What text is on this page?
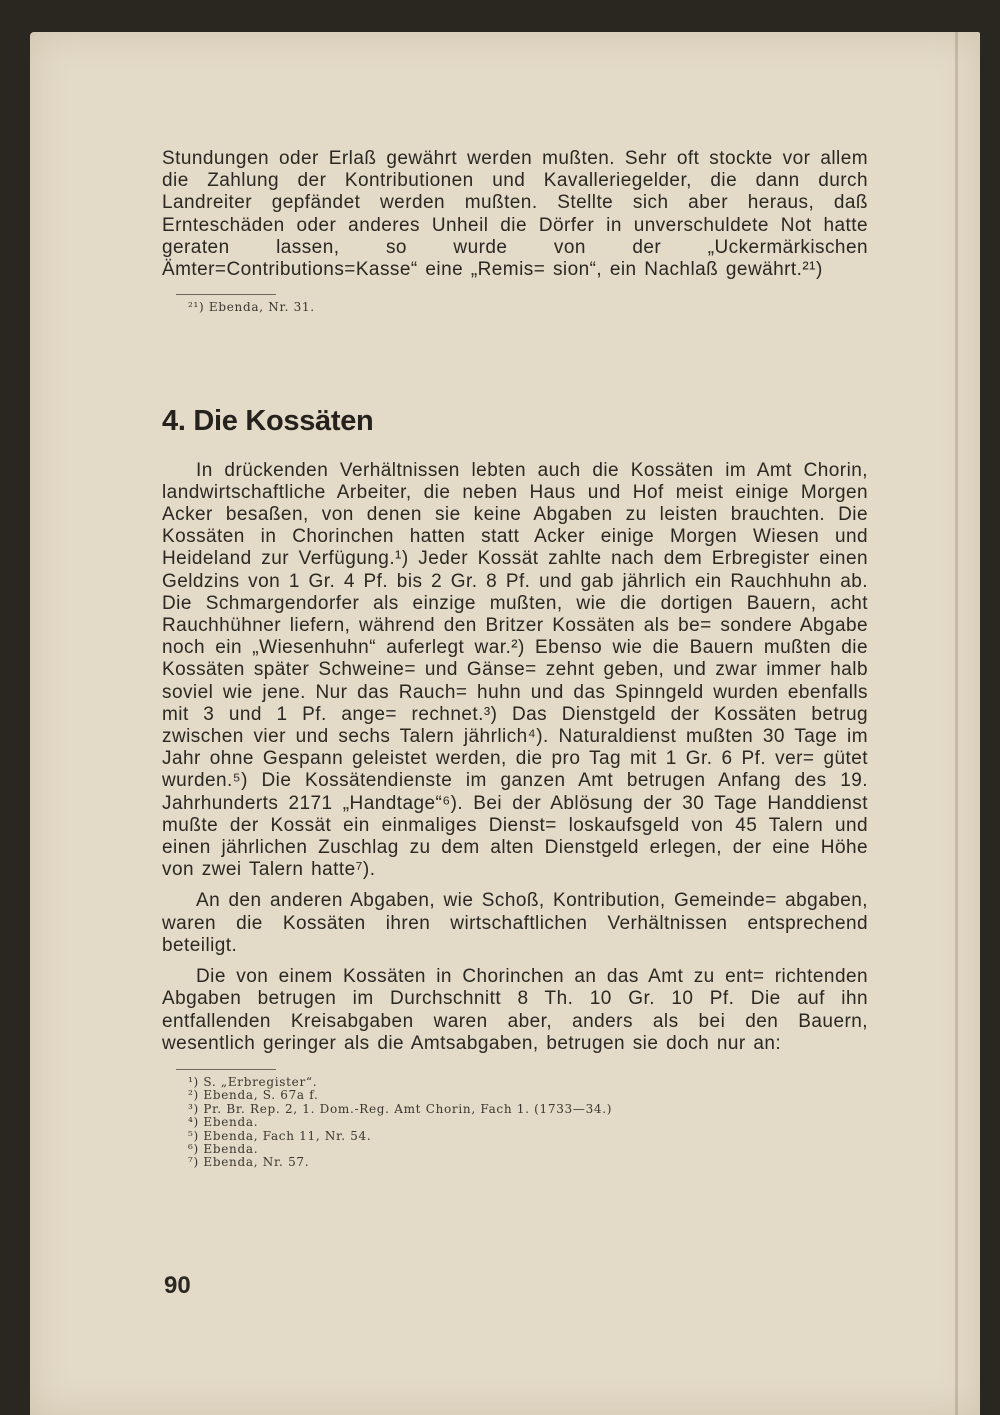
Stundungen oder Erlaß gewährt werden mußten. Sehr oft stockte vor allem die Zahlung der Kontributionen und Kavalleriegelder, die dann durch Landreiter gepfändet werden mußten. Stellte sich aber heraus, daß Ernteschäden oder anderes Unheil die Dörfer in unverschuldete Not hatte geraten lassen, so wurde von der „Uckermärkischen Ämter=Contributions=Kasse“ eine „Remis= sion“, ein Nachlaß gewährt.²¹)

²¹) Ebenda, Nr. 31.

4. Die Kossäten

In drückenden Verhältnissen lebten auch die Kossäten im Amt Chorin, landwirtschaftliche Arbeiter, die neben Haus und Hof meist einige Morgen Acker besaßen, von denen sie keine Abgaben zu leisten brauchten. Die Kossäten in Chorinchen hatten statt Acker einige Morgen Wiesen und Heideland zur Verfügung.¹) Jeder Kossät zahlte nach dem Erbregister einen Geldzins von 1 Gr. 4 Pf. bis 2 Gr. 8 Pf. und gab jährlich ein Rauchhuhn ab. Die Schmargendorfer als einzige mußten, wie die dortigen Bauern, acht Rauchhühner liefern, während den Britzer Kossäten als be= sondere Abgabe noch ein „Wiesenhuhn“ auferlegt war.²) Ebenso wie die Bauern mußten die Kossäten später Schweine= und Gänse= zehnt geben, und zwar immer halb soviel wie jene. Nur das Rauch= huhn und das Spinngeld wurden ebenfalls mit 3 und 1 Pf. ange= rechnet.³) Das Dienstgeld der Kossäten betrug zwischen vier und sechs Talern jährlich⁴). Naturaldienst mußten 30 Tage im Jahr ohne Gespann geleistet werden, die pro Tag mit 1 Gr. 6 Pf. ver= gütet wurden.⁵) Die Kossätendienste im ganzen Amt betrugen Anfang des 19. Jahrhunderts 2171 „Handtage“⁶). Bei der Ablösung der 30 Tage Handdienst mußte der Kossät ein einmaliges Dienst= loskaufsgeld von 45 Talern und einen jährlichen Zuschlag zu dem alten Dienstgeld erlegen, der eine Höhe von zwei Talern hatte⁷).

An den anderen Abgaben, wie Schoß, Kontribution, Gemeinde= abgaben, waren die Kossäten ihren wirtschaftlichen Verhältnissen entsprechend beteiligt.

Die von einem Kossäten in Chorinchen an das Amt zu ent= richtenden Abgaben betrugen im Durchschnitt 8 Th. 10 Gr. 10 Pf. Die auf ihn entfallenden Kreisabgaben waren aber, anders als bei den Bauern, wesentlich geringer als die Amtsabgaben, betrugen sie doch nur an:

¹) S. „Erbregister“.

²) Ebenda, S. 67a f.

³) Pr. Br. Rep. 2, 1. Dom.-Reg. Amt Chorin, Fach 1. (1733—34.)

⁴) Ebenda.

⁵) Ebenda, Fach 11, Nr. 54.

⁶) Ebenda.

⁷) Ebenda, Nr. 57.

90
